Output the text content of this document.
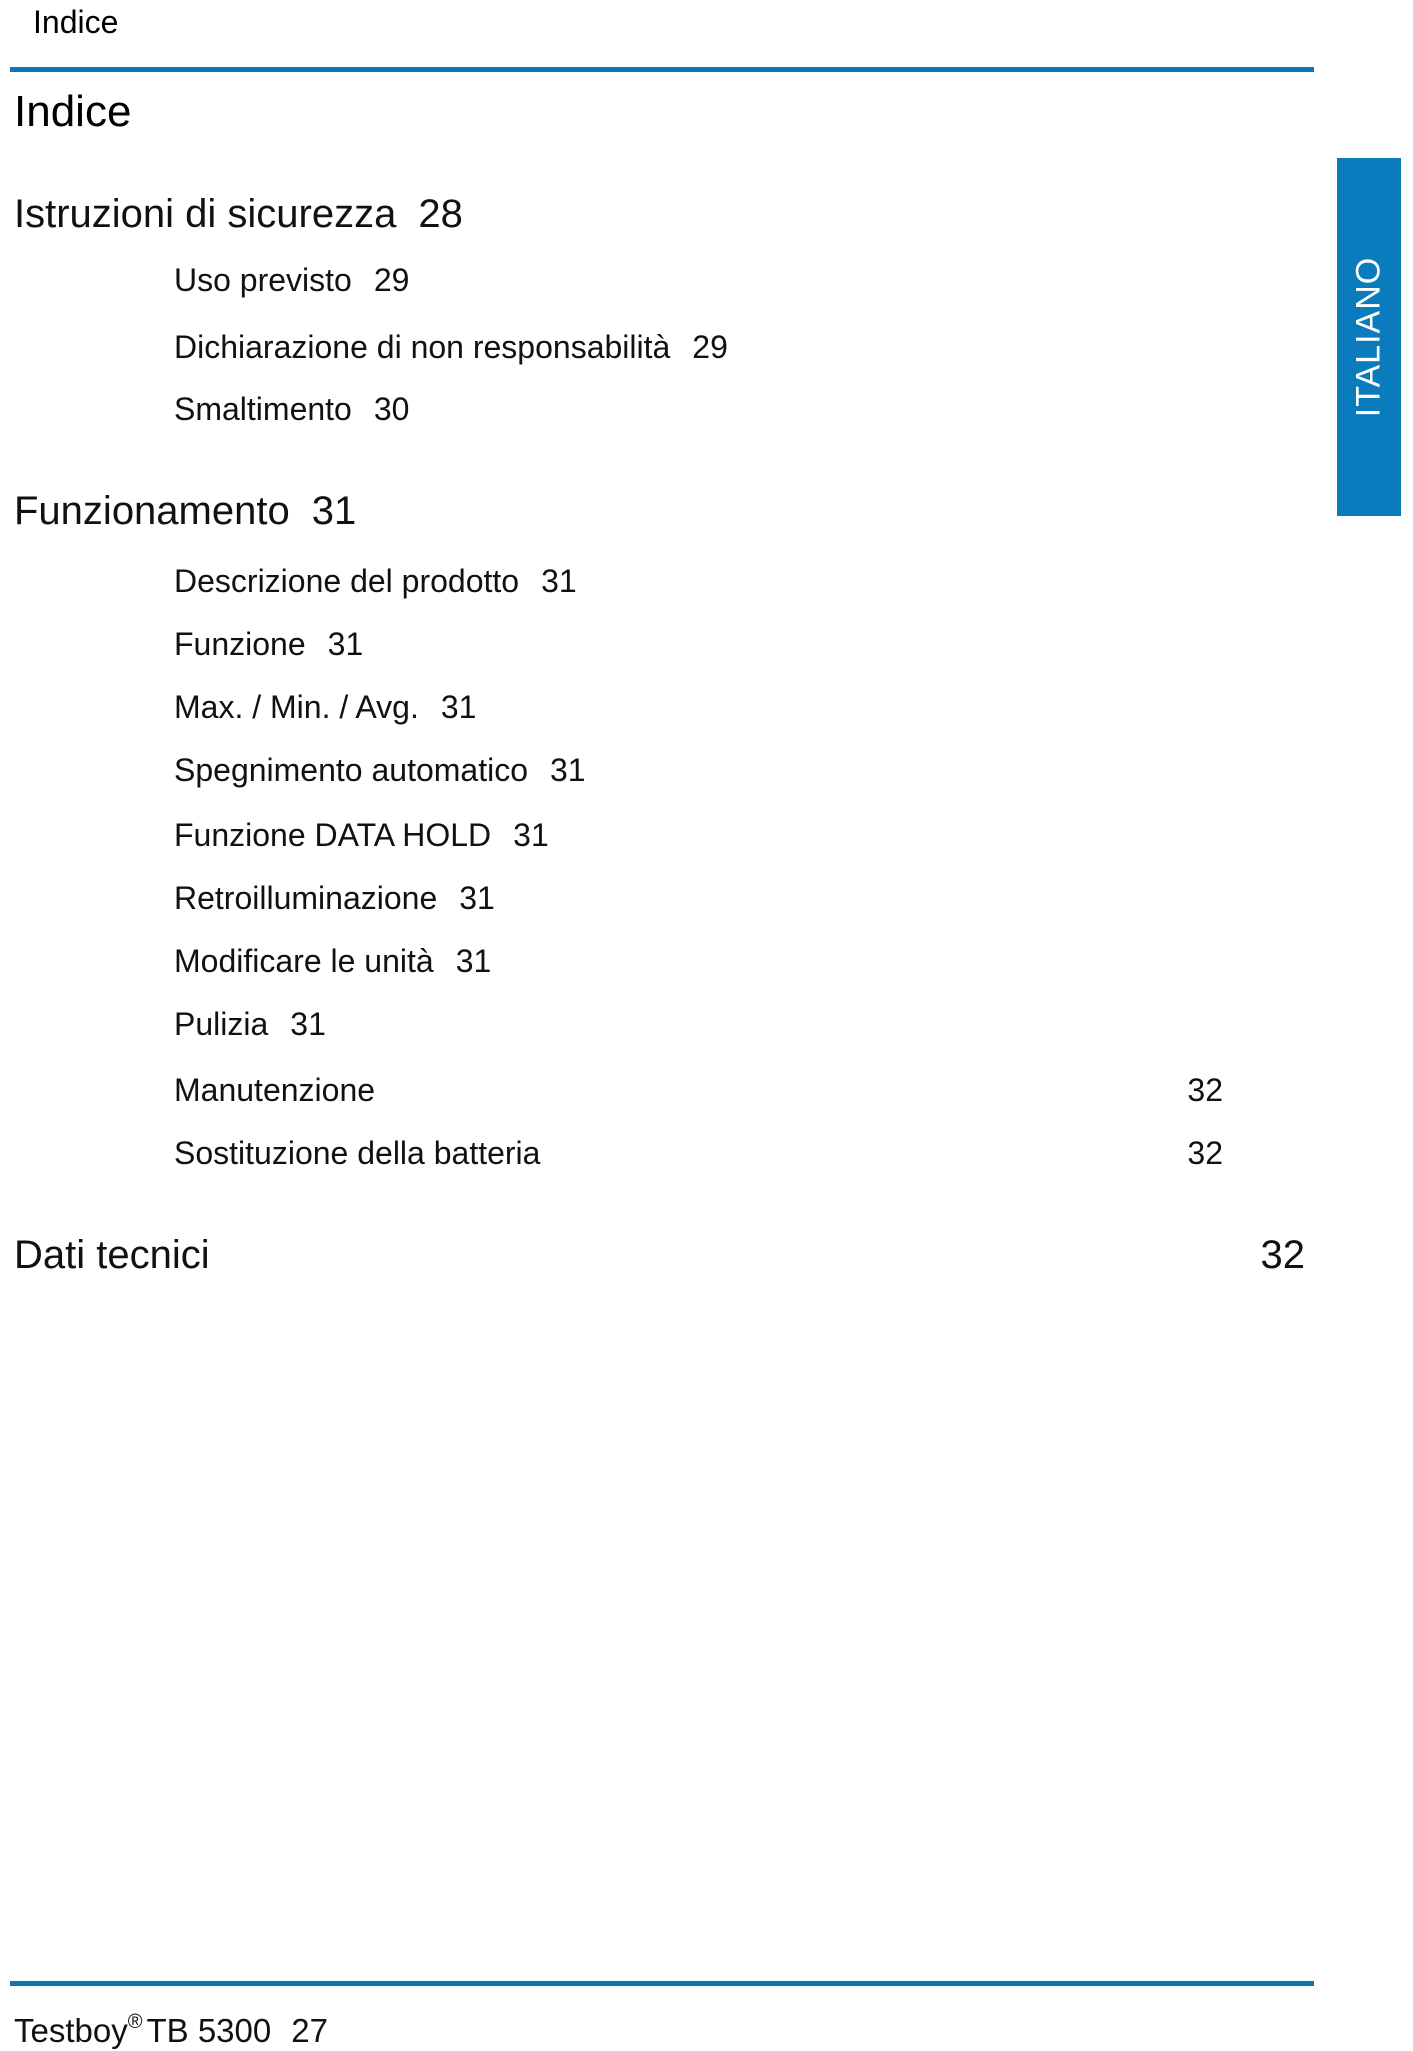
Indice
ITALIANO
Indice
Istruzioni di sicurezza 28
Uso previsto 29
Dichiarazione di non responsabilità 29
Smaltimento 30
Funzionamento 31
Descrizione del prodotto 31
Funzione 31
Max. / Min. / Avg. 31
Spegnimento automatico 31
Funzione DATA HOLD 31
Retroilluminazione 31
Modificare le unità 31
Pulizia 31
Manutenzione	32
Sostituzione della batteria	32
Dati tecnici	32
Testboy® TB 5300 27
